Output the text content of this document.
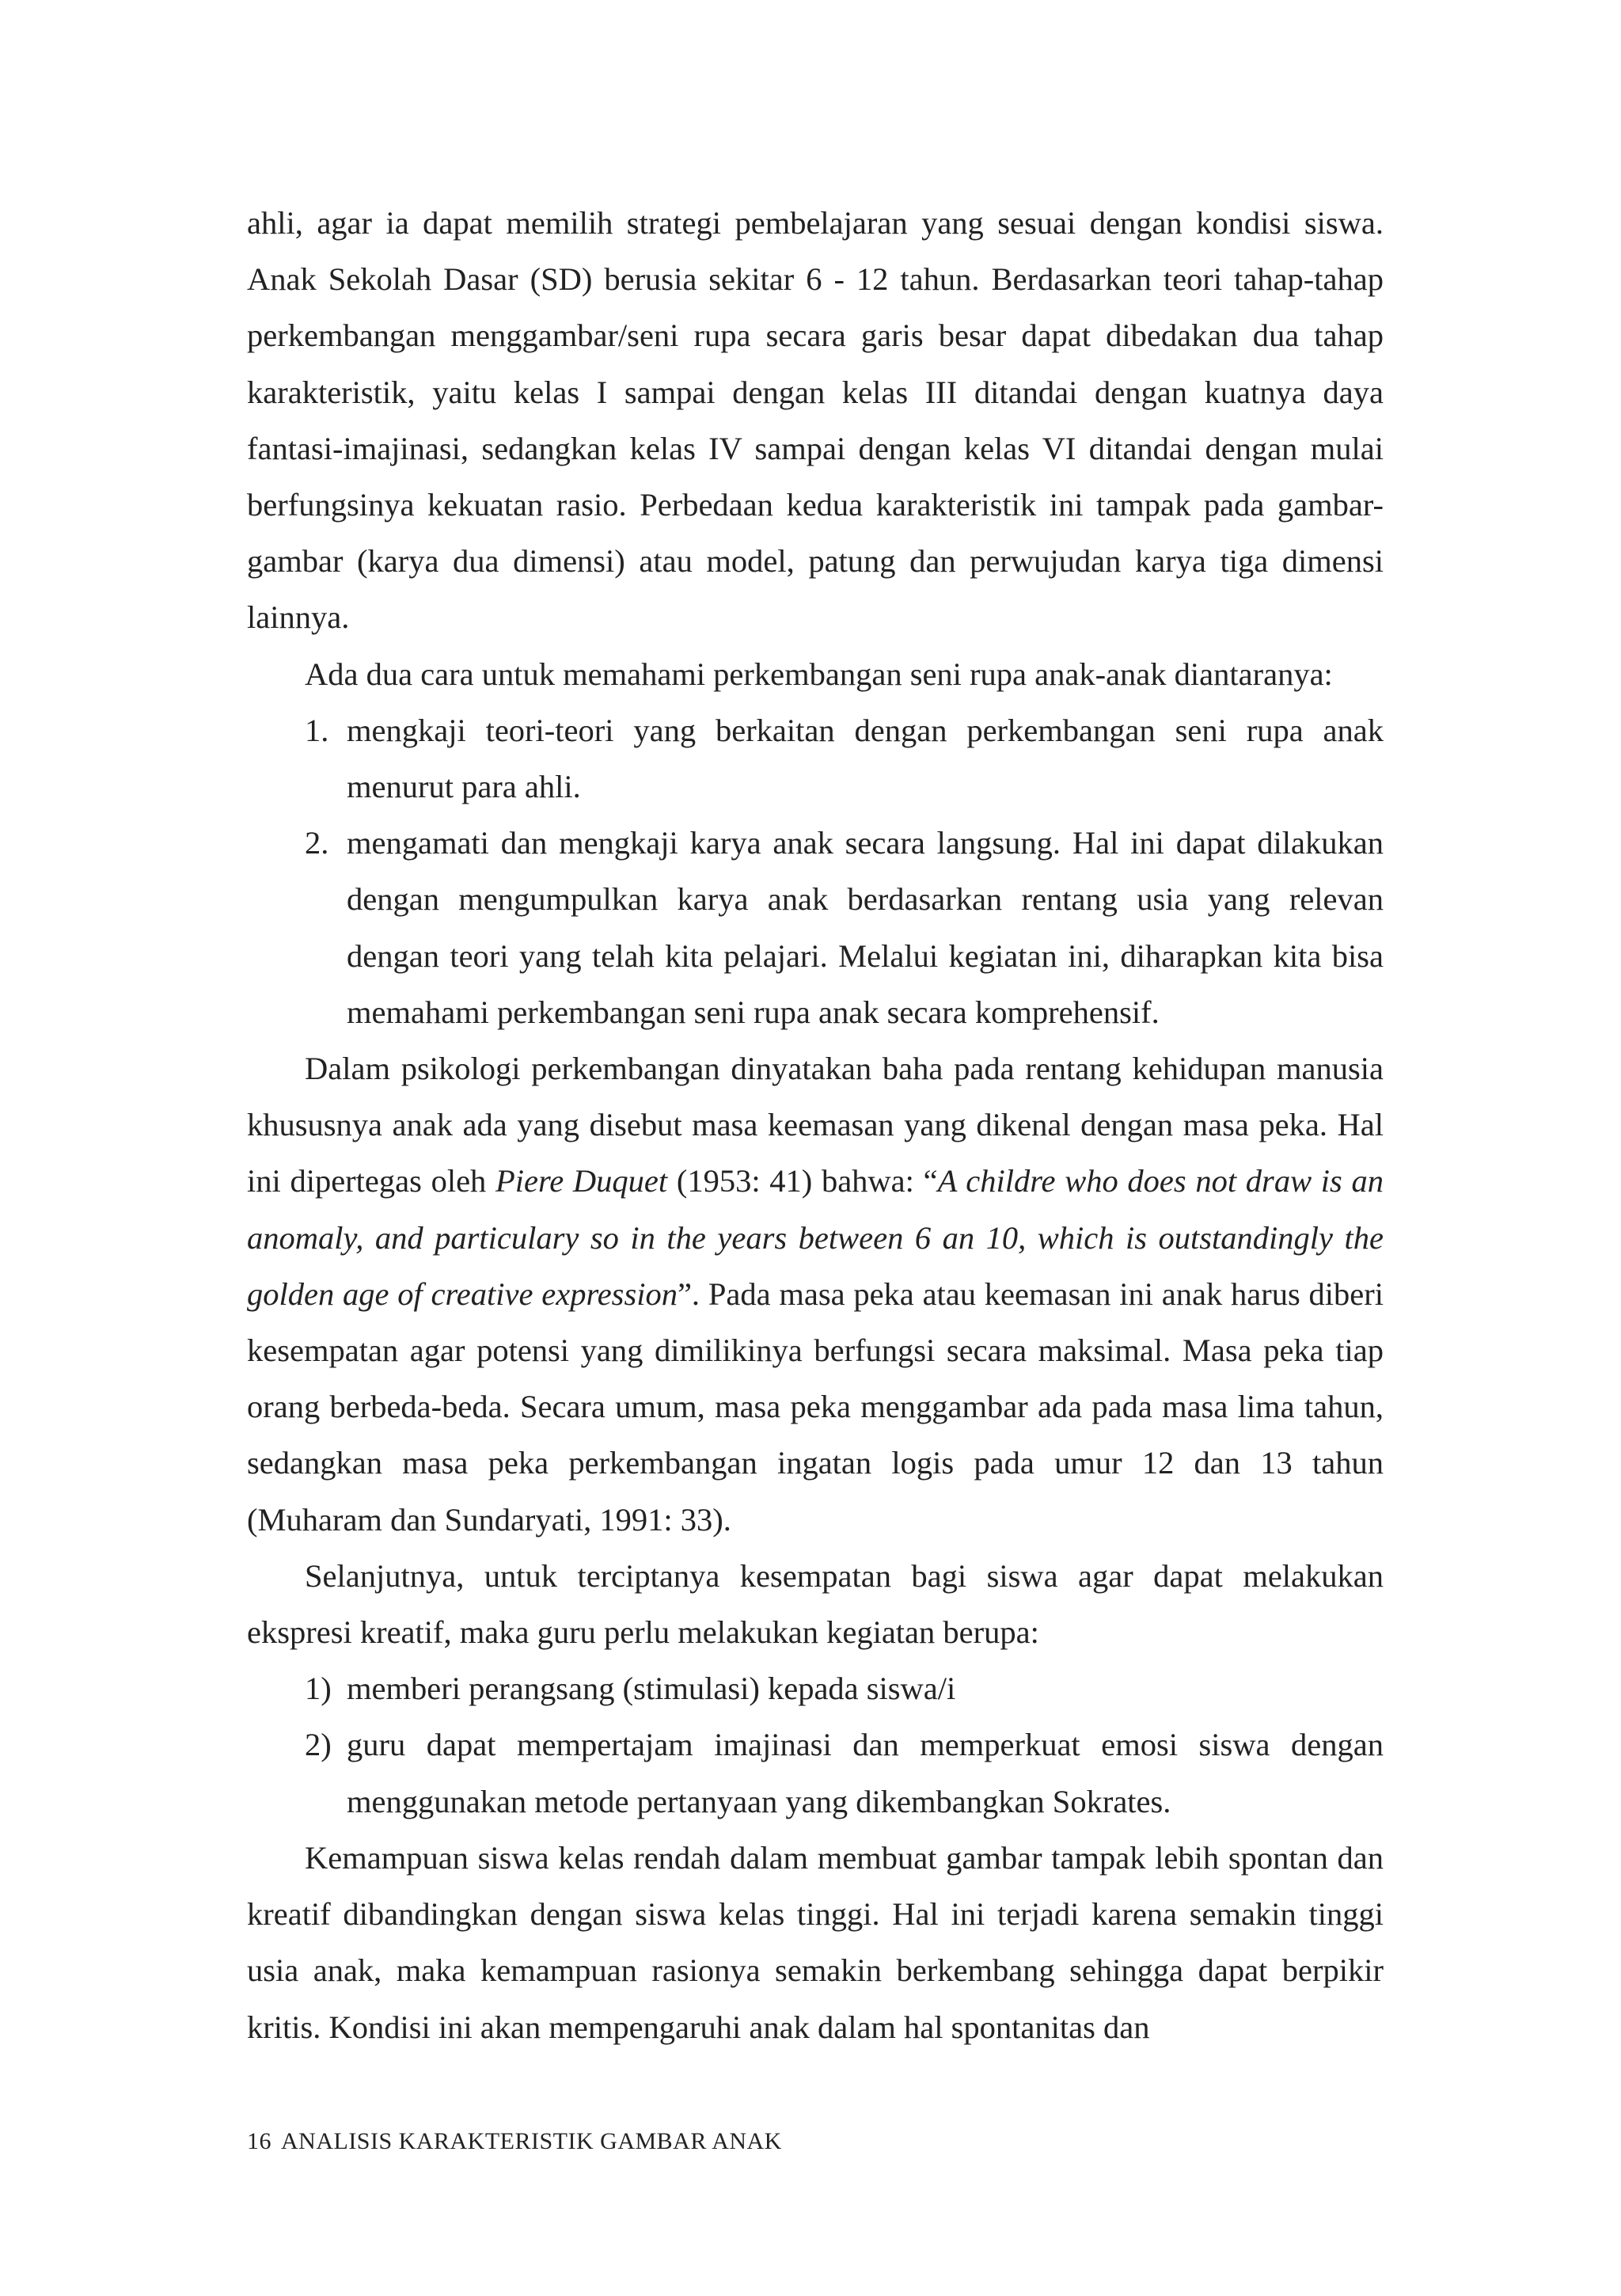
ahli, agar ia dapat memilih strategi pembelajaran yang sesuai dengan kondisi siswa. Anak Sekolah Dasar (SD) berusia sekitar 6 - 12 tahun. Berdasarkan teori tahap-tahap perkembangan menggambar/seni rupa secara garis besar dapat dibedakan dua tahap karakteristik, yaitu kelas I sampai dengan kelas III ditandai dengan kuatnya daya fantasi-imajinasi, sedangkan kelas IV sampai dengan kelas VI ditandai dengan mulai berfungsinya kekuatan rasio. Perbedaan kedua karakteristik ini tampak pada gambar-gambar (karya dua dimensi) atau model, patung dan perwujudan karya tiga dimensi lainnya.

Ada dua cara untuk memahami perkembangan seni rupa anak-anak diantaranya:

1. mengkaji teori-teori yang berkaitan dengan perkembangan seni rupa anak menurut para ahli.
2. mengamati dan mengkaji karya anak secara langsung. Hal ini dapat dilakukan dengan mengumpulkan karya anak berdasarkan rentang usia yang relevan dengan teori yang telah kita pelajari. Melalui kegiatan ini, diharapkan kita bisa memahami perkembangan seni rupa anak secara komprehensif.

Dalam psikologi perkembangan dinyatakan baha pada rentang kehidupan manusia khususnya anak ada yang disebut masa keemasan yang dikenal dengan masa peka. Hal ini dipertegas oleh Piere Duquet (1953: 41) bahwa: “A childre who does not draw is an anomaly, and particulary so in the years between 6 an 10, which is outstandingly the golden age of creative expression”. Pada masa peka atau keemasan ini anak harus diberi kesempatan agar potensi yang dimilikinya berfungsi secara maksimal. Masa peka tiap orang berbeda-beda. Secara umum, masa peka menggambar ada pada masa lima tahun, sedangkan masa peka perkembangan ingatan logis pada umur 12 dan 13 tahun (Muharam dan Sundaryati, 1991: 33).

Selanjutnya, untuk terciptanya kesempatan bagi siswa agar dapat melakukan ekspresi kreatif, maka guru perlu melakukan kegiatan berupa:

1) memberi perangsang (stimulasi) kepada siswa/i
2) guru dapat mempertajam imajinasi dan memperkuat emosi siswa dengan menggunakan metode pertanyaan yang dikembangkan Sokrates.

Kemampuan siswa kelas rendah dalam membuat gambar tampak lebih spontan dan kreatif dibandingkan dengan siswa kelas tinggi. Hal ini terjadi karena semakin tinggi usia anak, maka kemampuan rasionya semakin berkembang sehingga dapat berpikir kritis. Kondisi ini akan mempengaruhi anak dalam hal spontanitas dan

16 ANALISIS KARAKTERISTIK GAMBAR ANAK
